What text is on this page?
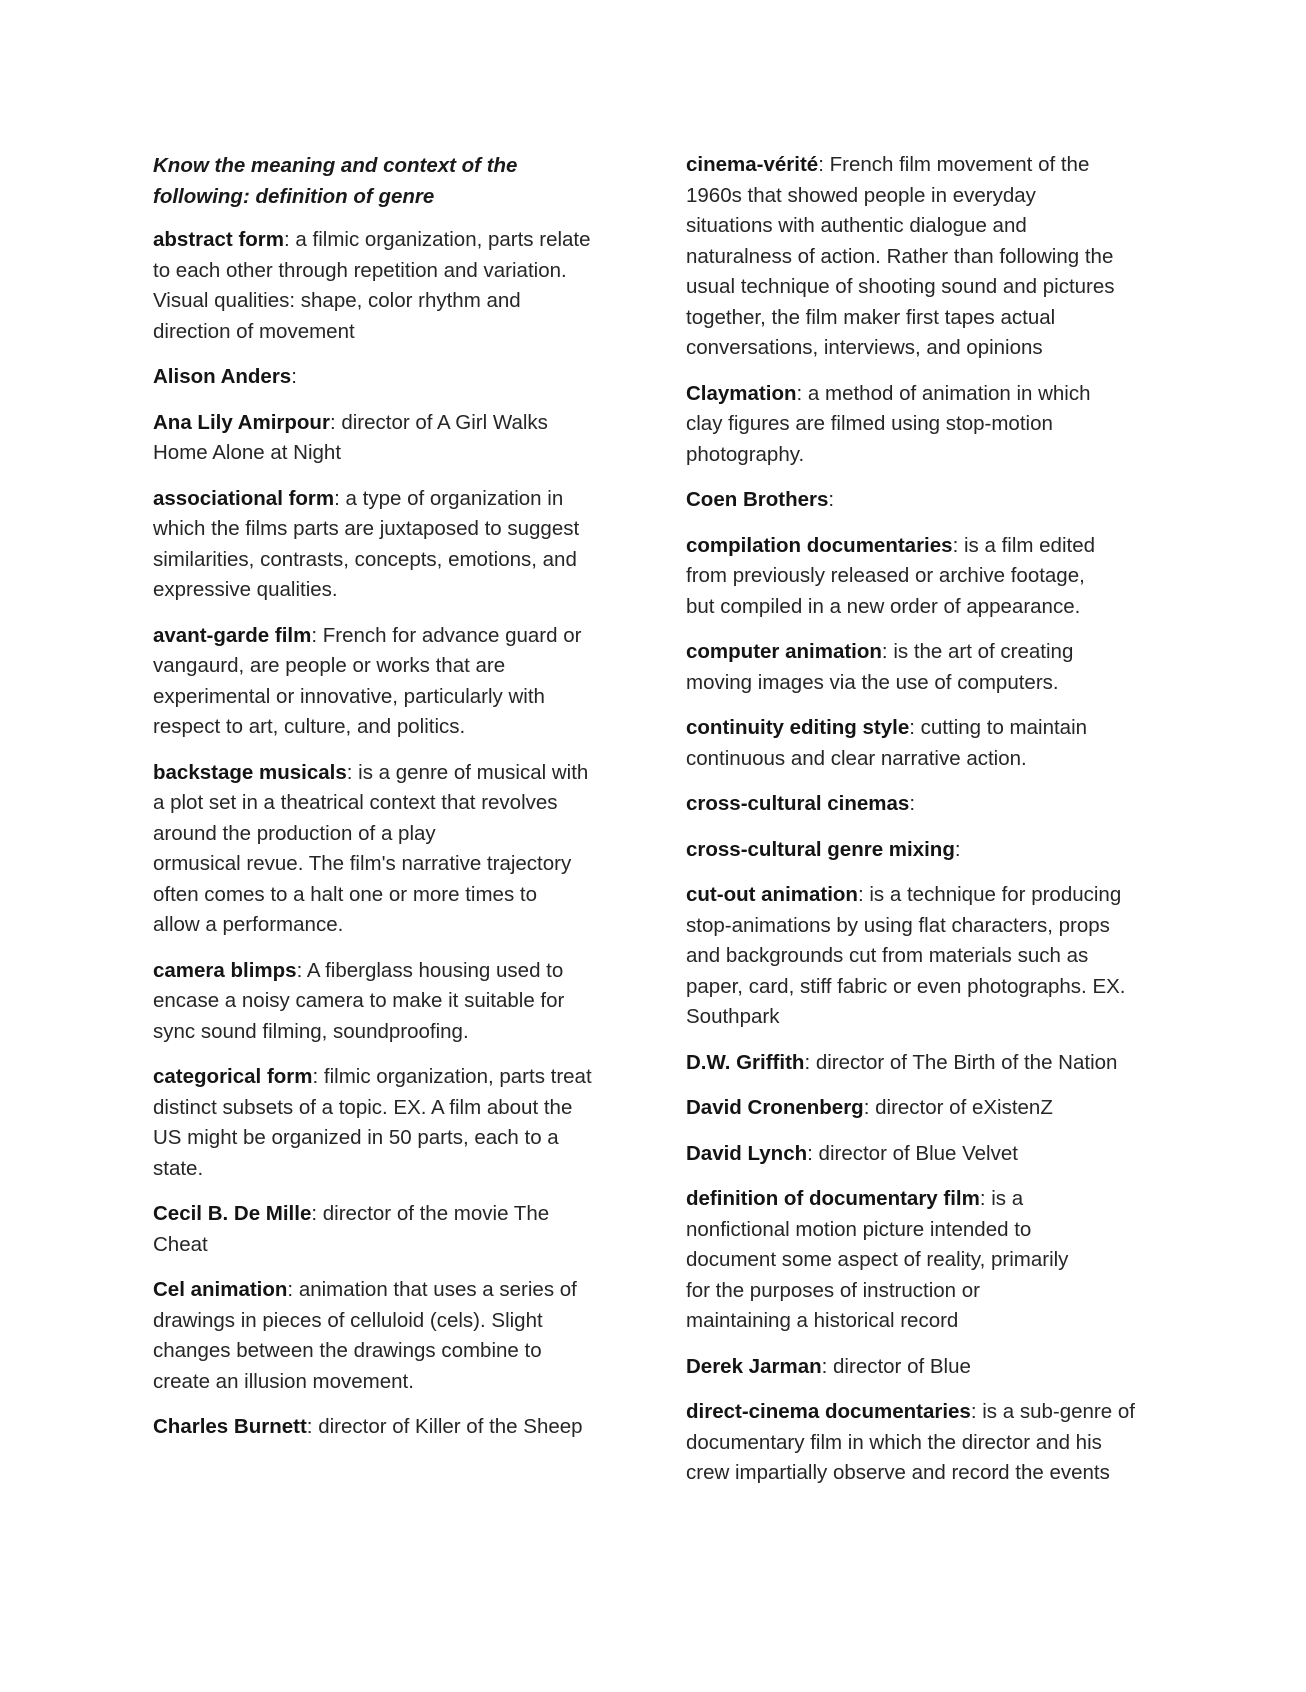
Know the meaning and context of the
following: definition of genre

abstract form: a filmic organization, parts relate
to each other through repetition and variation.
Visual qualities: shape, color rhythm and
direction of movement

Alison Anders:

Ana Lily Amirpour: director of A Girl Walks
Home Alone at Night

associational form: a type of organization in
which the films parts are juxtaposed to suggest
similarities, contrasts, concepts, emotions, and
expressive qualities.

avant-garde film: French for advance guard or
vangaurd, are people or works that are
experimental or innovative, particularly with
respect to art, culture, and politics.

backstage musicals: is a genre of musical with
a plot set in a theatrical context that revolves
around the production of a play
ormusical revue. The film's narrative trajectory
often comes to a halt one or more times to
allow a performance.

camera blimps: A fiberglass housing used to
encase a noisy camera to make it suitable for
sync sound filming, soundproofing.

categorical form: filmic organization, parts treat
distinct subsets of a topic. EX. A film about the
US might be organized in 50 parts, each to a
state.

Cecil B. De Mille: director of the movie The
Cheat

Cel animation: animation that uses a series of
drawings in pieces of celluloid (cels). Slight
changes between the drawings combine to
create an illusion movement.

Charles Burnett: director of Killer of the Sheep

cinema-vérité: French film movement of the
1960s that showed people in everyday
situations with authentic dialogue and
naturalness of action. Rather than following the
usual technique of shooting sound and pictures
together, the film maker first tapes actual
conversations, interviews, and opinions

Claymation: a method of animation in which
clay figures are filmed using stop-motion
photography.

Coen Brothers:

compilation documentaries: is a film edited
from previously released or archive footage,
but compiled in a new order of appearance.

computer animation: is the art of creating
moving images via the use of computers.

continuity editing style: cutting to maintain
continuous and clear narrative action.

cross-cultural cinemas:

cross-cultural genre mixing:

cut-out animation: is a technique for producing
stop-animations by using flat characters, props
and backgrounds cut from materials such as
paper, card, stiff fabric or even photographs. EX.
Southpark

D.W. Griffith: director of The Birth of the Nation

David Cronenberg: director of eXistenZ

David Lynch: director of Blue Velvet

definition of documentary film: is a
nonfictional motion picture intended to
document some aspect of reality, primarily
for the purposes of instruction or
maintaining a historical record

Derek Jarman: director of Blue

direct-cinema documentaries: is a sub-genre of
documentary film in which the director and his
crew impartially observe and record the events
